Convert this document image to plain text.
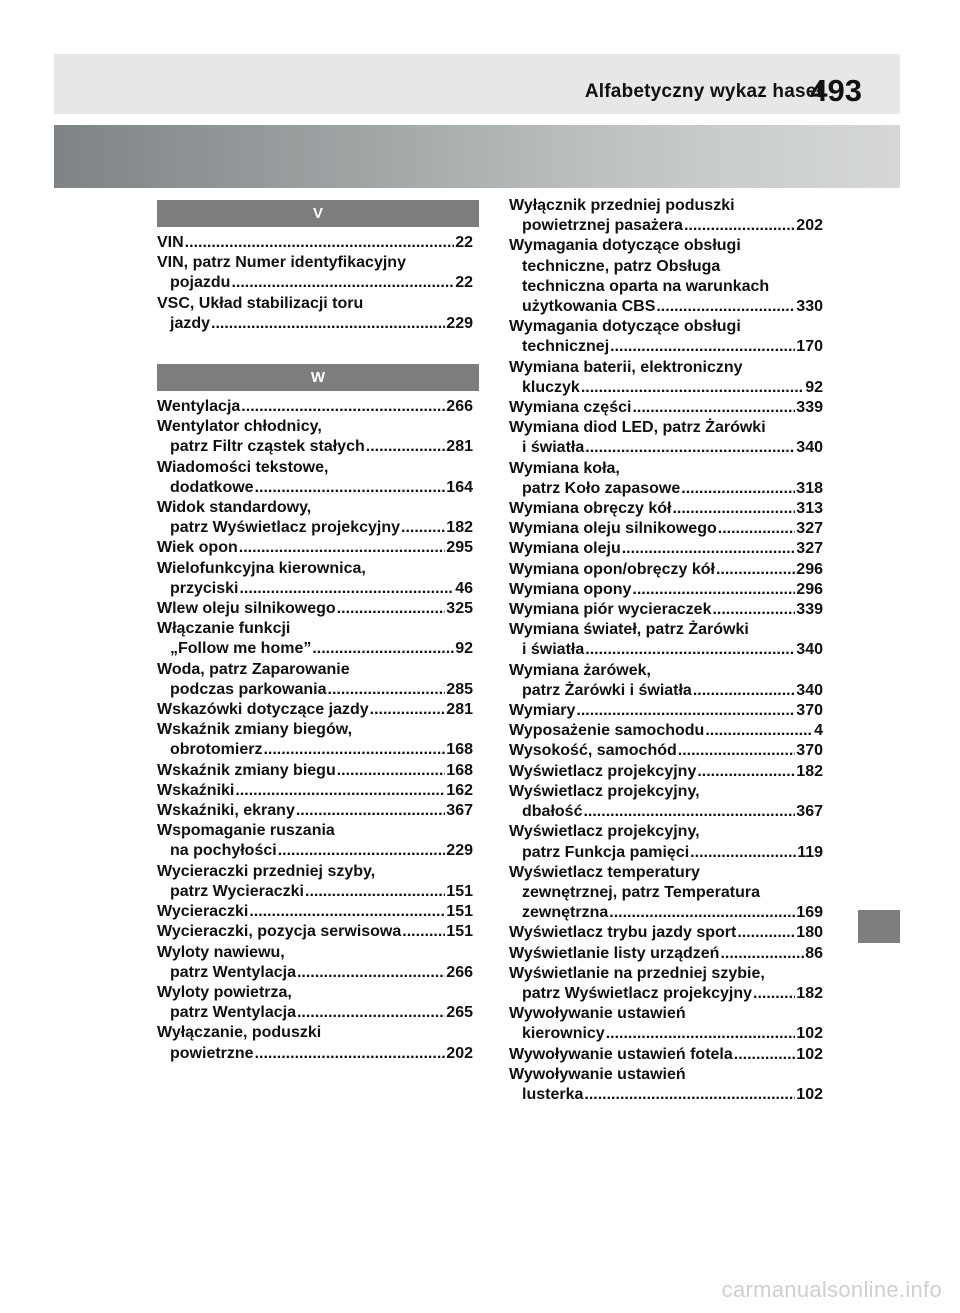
Alfabetyczny wykaz haseł
493
V
VIN .....	22
VIN, patrz Numer identyfikacyjny
pojazdu .....	22
VSC, Układ stabilizacji toru
jazdy .....	229
W
Wentylacja .....	266
Wentylator chłodnicy,
patrz Filtr cząstek stałych .....	281
Wiadomości tekstowe,
dodatkowe .....	164
Widok standardowy,
patrz Wyświetlacz projekcyjny .....	182
Wiek opon .....	295
Wielofunkcyjna kierownica,
przyciski .....	46
Wlew oleju silnikowego .....	325
Włączanie funkcji
„Follow me home” .....	92
Woda, patrz Zaparowanie
podczas parkowania .....	285
Wskazówki dotyczące jazdy .....	281
Wskaźnik zmiany biegów,
obrotomierz .....	168
Wskaźnik zmiany biegu .....	168
Wskaźniki .....	162
Wskaźniki, ekrany .....	367
Wspomaganie ruszania
na pochyłości .....	229
Wycieraczki przedniej szyby,
patrz Wycieraczki .....	151
Wycieraczki .....	151
Wycieraczki, pozycja serwisowa .....	151
Wyloty nawiewu,
patrz Wentylacja .....	266
Wyloty powietrza,
patrz Wentylacja .....	265
Wyłączanie, poduszki
powietrzne .....	202
Wyłącznik przedniej poduszki
powietrznej pasażera .....	202
Wymagania dotyczące obsługi
techniczne, patrz Obsługa
techniczna oparta na warunkach
użytkowania CBS .....	330
Wymagania dotyczące obsługi
technicznej .....	170
Wymiana baterii, elektroniczny
kluczyk .....	92
Wymiana części .....	339
Wymiana diod LED, patrz Żarówki
i światła .....	340
Wymiana koła,
patrz Koło zapasowe .....	318
Wymiana obręczy kół .....	313
Wymiana oleju silnikowego .....	327
Wymiana oleju .....	327
Wymiana opon/obręczy kół .....	296
Wymiana opony .....	296
Wymiana piór wycieraczek .....	339
Wymiana świateł, patrz Żarówki
i światła .....	340
Wymiana żarówek,
patrz Żarówki i światła .....	340
Wymiary .....	370
Wyposażenie samochodu .....	4
Wysokość, samochód .....	370
Wyświetlacz projekcyjny .....	182
Wyświetlacz projekcyjny,
dbałość .....	367
Wyświetlacz projekcyjny,
patrz Funkcja pamięci .....	119
Wyświetlacz temperatury
zewnętrznej, patrz Temperatura
zewnętrzna .....	169
Wyświetlacz trybu jazdy sport .....	180
Wyświetlanie listy urządzeń .....	86
Wyświetlanie na przedniej szybie,
patrz Wyświetlacz projekcyjny .....	182
Wywoływanie ustawień
kierownicy .....	102
Wywoływanie ustawień fotela .....	102
Wywoływanie ustawień
lusterka .....	102
carmanualsonline.info
